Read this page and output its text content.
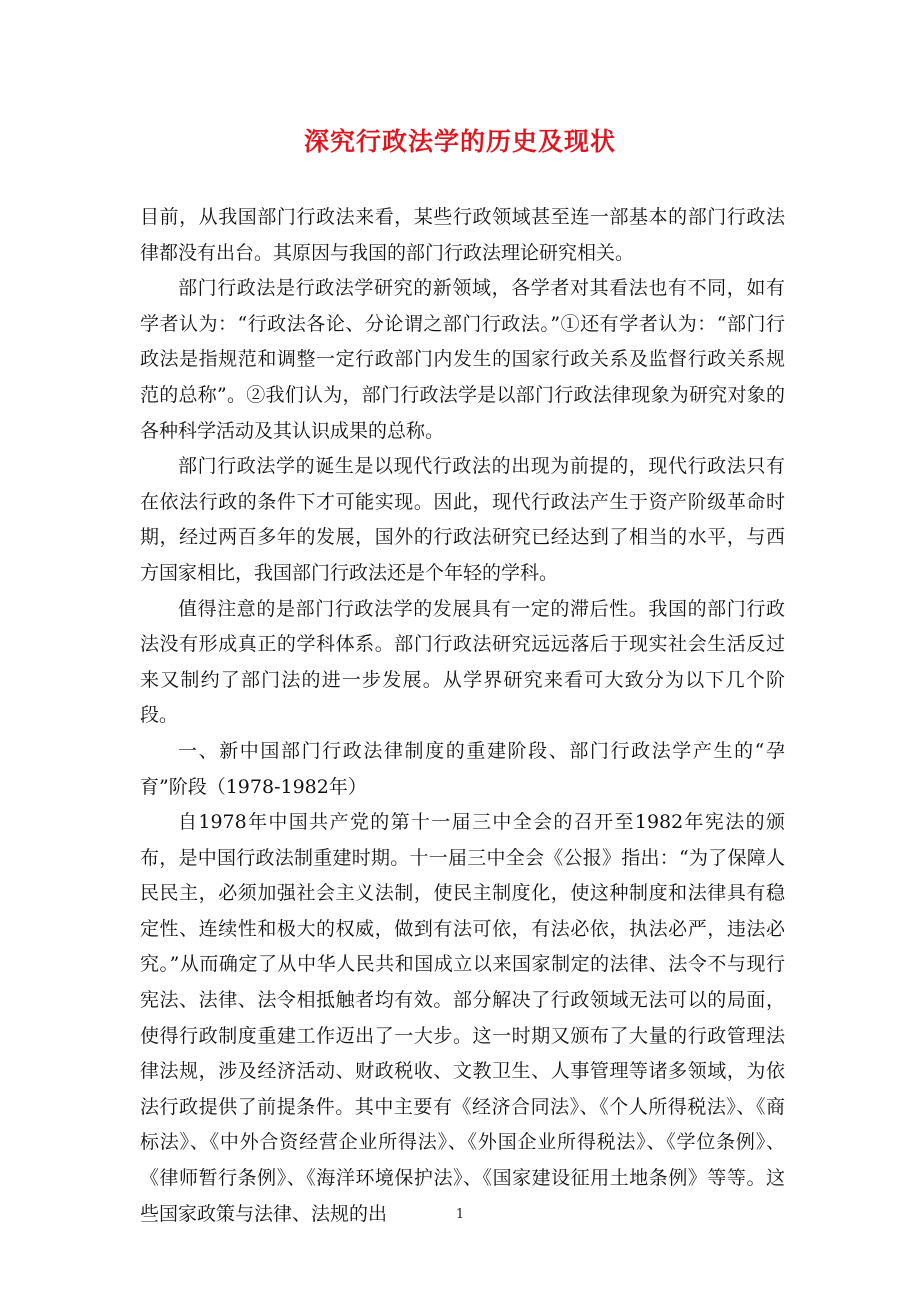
深究行政法学的历史及现状

目前，从我国部门行政法来看，某些行政领域甚至连一部基本的部门行政法律都没有出台。其原因与我国的部门行政法理论研究相关。

部门行政法是行政法学研究的新领域，各学者对其看法也有不同，如有学者认为：“行政法各论、分论谓之部门行政法。”①还有学者认为：“部门行政法是指规范和调整一定行政部门内发生的国家行政关系及监督行政关系规范的总称”。②我们认为，部门行政法学是以部门行政法律现象为研究对象的各种科学活动及其认识成果的总称。

部门行政法学的诞生是以现代行政法的出现为前提的，现代行政法只有在依法行政的条件下才可能实现。因此，现代行政法产生于资产阶级革命时期，经过两百多年的发展，国外的行政法研究已经达到了相当的水平，与西方国家相比，我国部门行政法还是个年轻的学科。

值得注意的是部门行政法学的发展具有一定的滞后性。我国的部门行政法没有形成真正的学科体系。部门行政法研究远远落后于现实社会生活反过来又制约了部门法的进一步发展。从学界研究来看可大致分为以下几个阶段。

一、新中国部门行政法律制度的重建阶段、部门行政法学产生的“孕育”阶段（1978-1982年）

自1978年中国共产党的第十一届三中全会的召开至1982年宪法的颁布，是中国行政法制重建时期。十一届三中全会《公报》指出：“为了保障人民民主，必须加强社会主义法制，使民主制度化，使这种制度和法律具有稳定性、连续性和极大的权威，做到有法可依，有法必依，执法必严，违法必究。”从而确定了从中华人民共和国成立以来国家制定的法律、法令不与现行宪法、法律、法令相抵触者均有效。部分解决了行政领域无法可以的局面，使得行政制度重建工作迈出了一大步。这一时期又颁布了大量的行政管理法律法规，涉及经济活动、财政税收、文教卫生、人事管理等诸多领域，为依法行政提供了前提条件。其中主要有《经济合同法》、《个人所得税法》、《商标法》、《中外合资经营企业所得法》、《外国企业所得税法》、《学位条例》、《律师暂行条例》、《海洋环境保护法》、《国家建设征用土地条例》等等。这些国家政策与法律、法规的出	1
